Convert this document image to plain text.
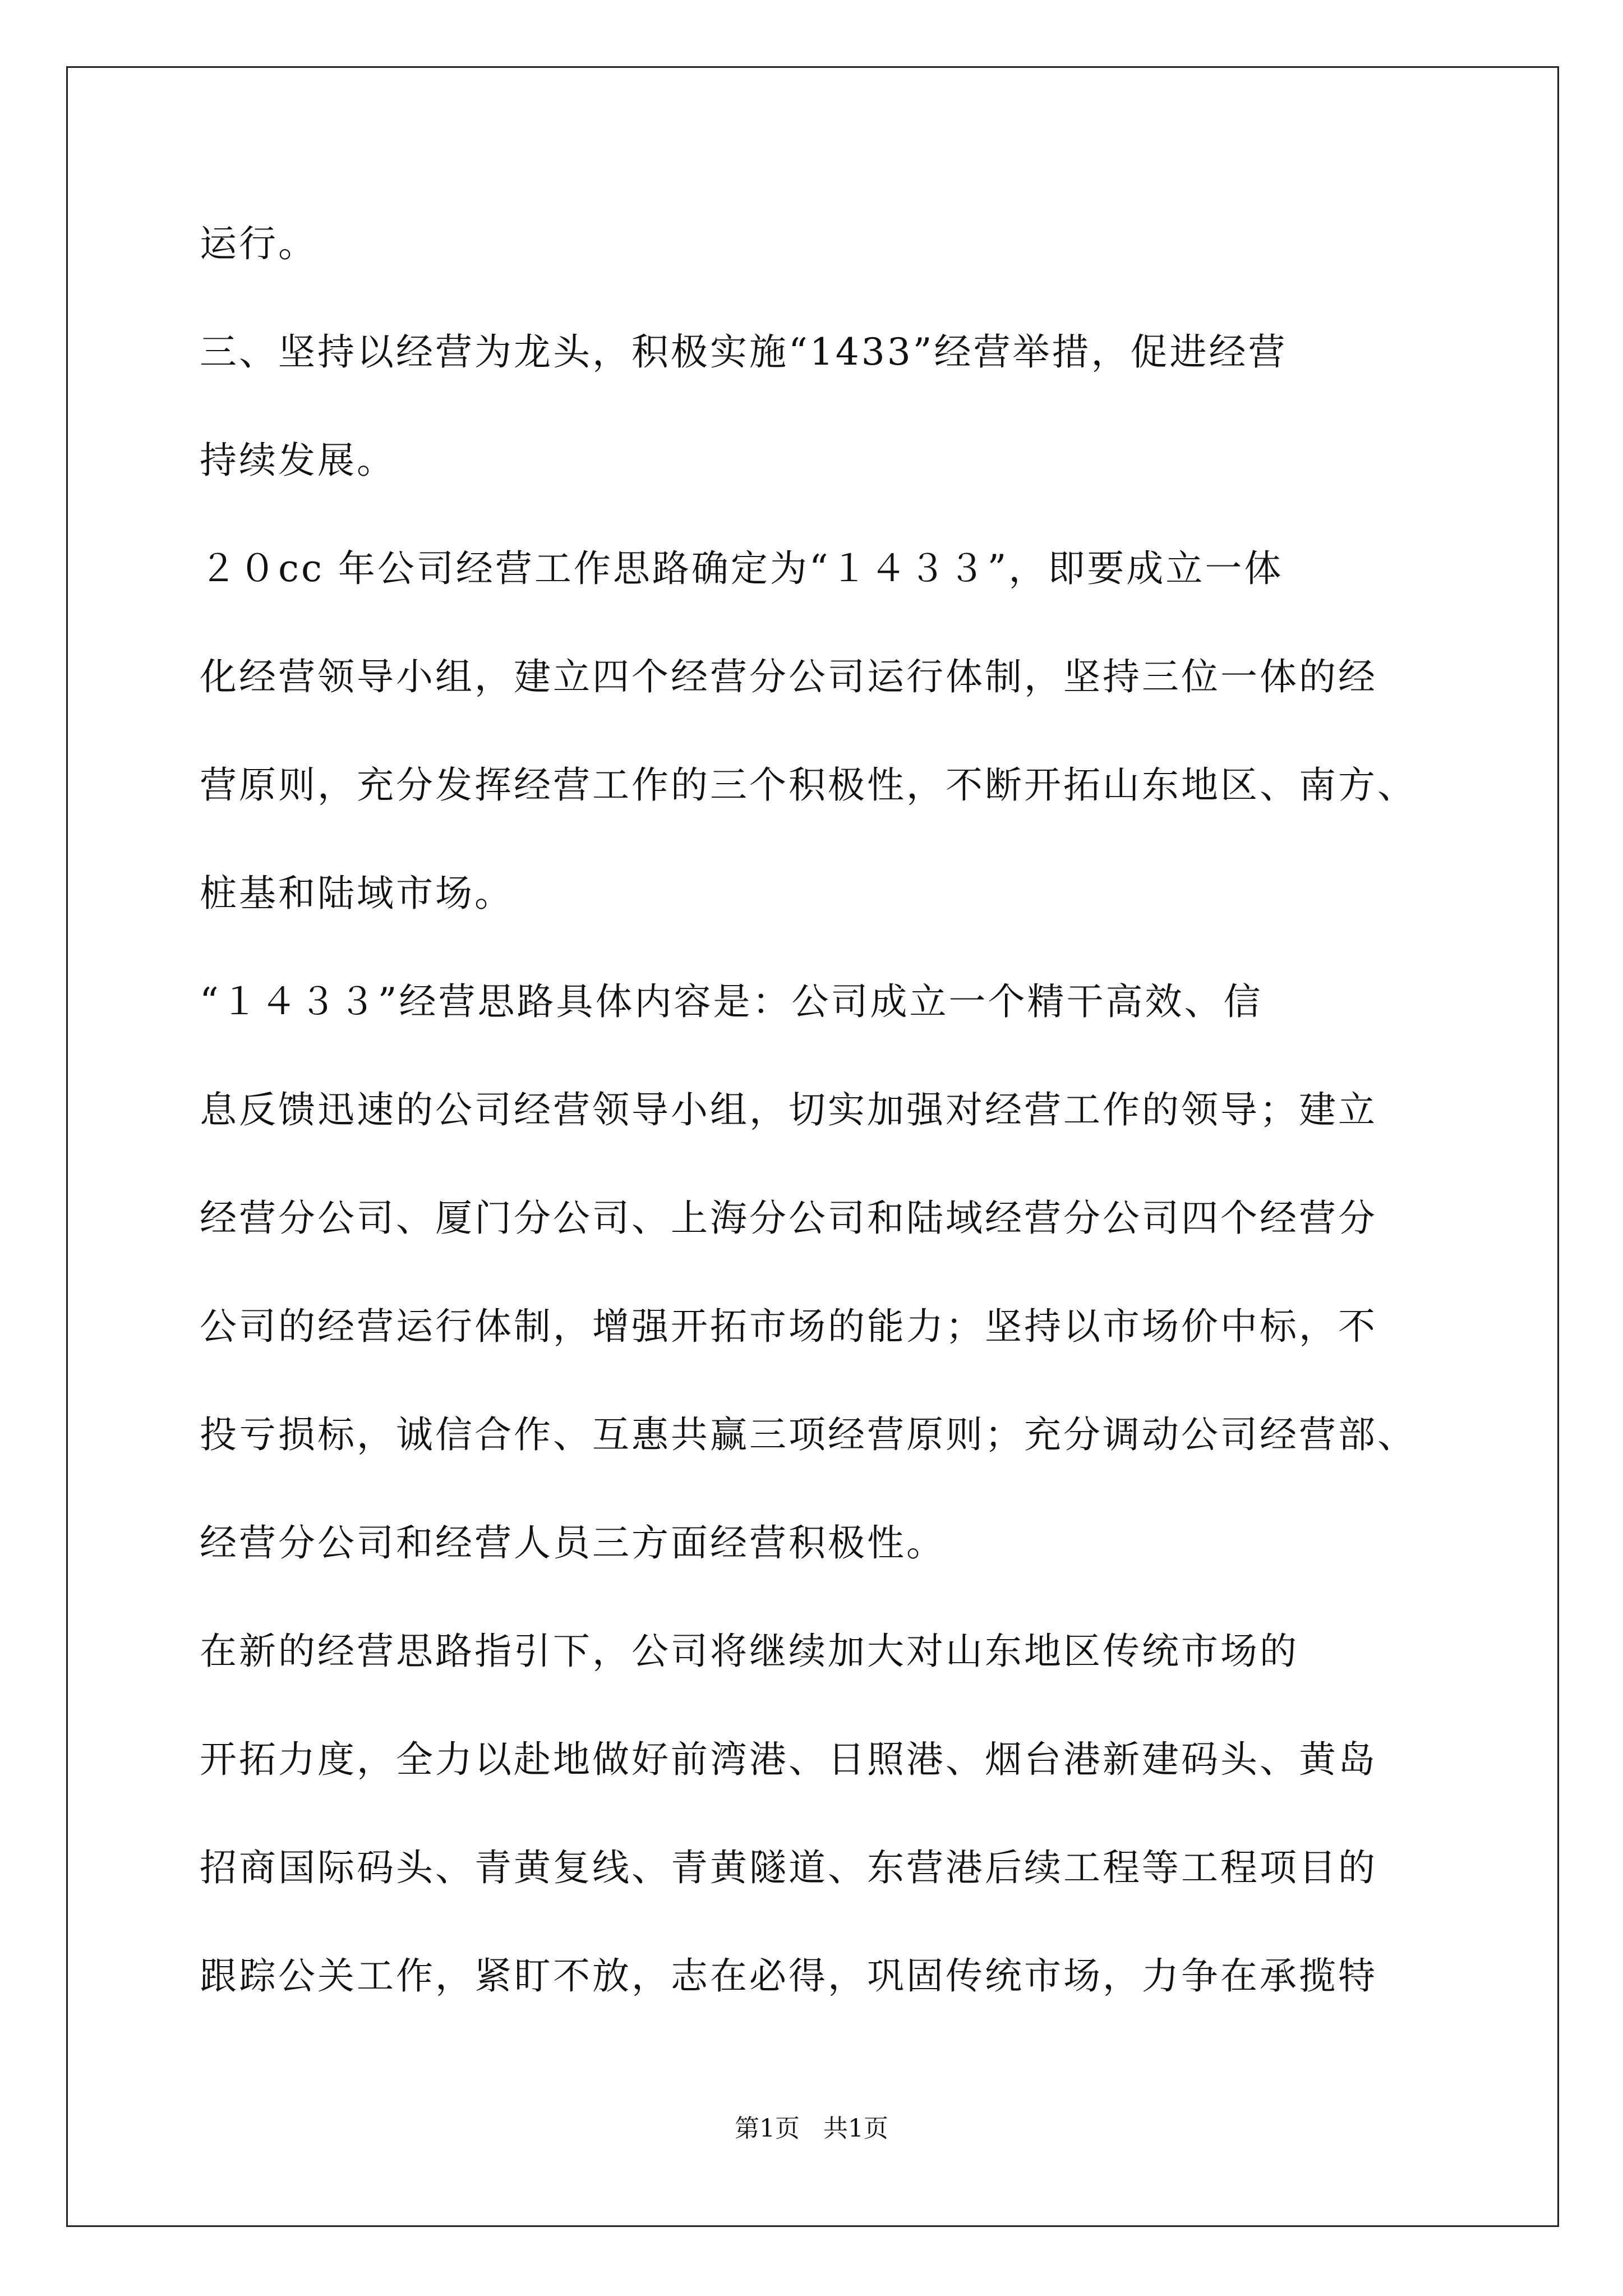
运行。
三、坚持以经营为龙头，积极实施“1433”经营举措，促进经营
持续发展。
２０cc 年公司经营工作思路确定为“１４３３”，即要成立一体
化经营领导小组，建立四个经营分公司运行体制，坚持三位一体的经
营原则，充分发挥经营工作的三个积极性，不断开拓山东地区、南方、
桩基和陆域市场。
“１４３３”经营思路具体内容是：公司成立一个精干高效、信
息反馈迅速的公司经营领导小组，切实加强对经营工作的领导；建立
经营分公司、厦门分公司、上海分公司和陆域经营分公司四个经营分
公司的经营运行体制，增强开拓市场的能力；坚持以市场价中标，不
投亏损标，诚信合作、互惠共赢三项经营原则；充分调动公司经营部、
经营分公司和经营人员三方面经营积极性。
在新的经营思路指引下，公司将继续加大对山东地区传统市场的
开拓力度，全力以赴地做好前湾港、日照港、烟台港新建码头、黄岛
招商国际码头、青黄复线、青黄隧道、东营港后续工程等工程项目的
跟踪公关工作，紧盯不放，志在必得，巩固传统市场，力争在承揽特
第1页   共1页
